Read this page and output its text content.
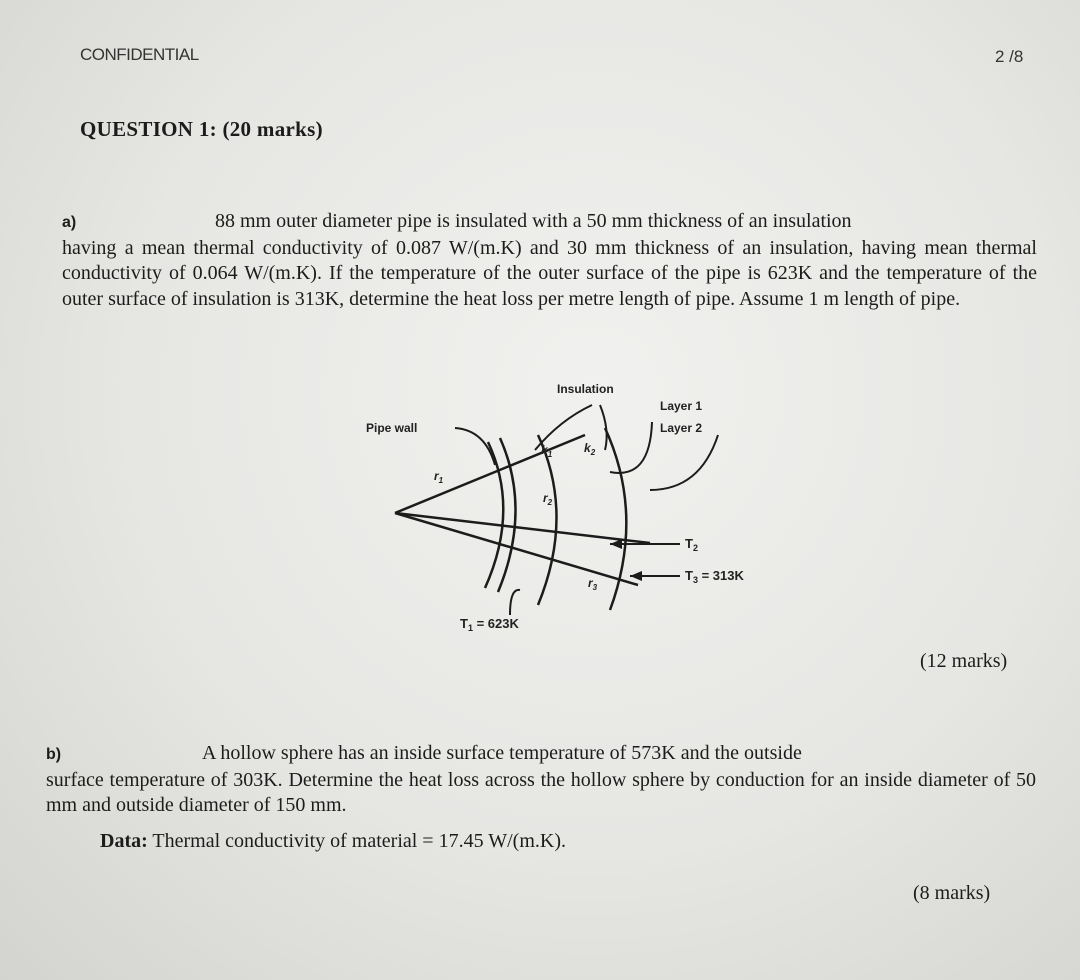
CONFIDENTIAL	2 /8
QUESTION 1: (20 marks)

a)	88 mm outer diameter pipe is insulated with a 50 mm thickness of an insulation

having a mean thermal conductivity of 0.087 W/(m.K) and 30 mm thickness of an insulation, having mean thermal conductivity of 0.064 W/(m.K). If the temperature of the outer surface of the pipe is 623K and the temperature of the outer surface of insulation is 313K, determine the heat loss per metre length of pipe. Assume 1 m length of pipe.

Insulation
Pipe wall
Layer 1
Layer 2
$r_1$
$r_2$
$r_3$
$k_1$	$k_2$
$T_2$
$T_3 = 313K$
$T_1 = 623K$
(12 marks)

b)	A hollow sphere has an inside surface temperature of 573K and the outside

surface temperature of 303K. Determine the heat loss across the hollow sphere by conduction for an inside diameter of 50 mm and outside diameter of 150 mm.

Data: Thermal conductivity of material = 17.45 W/(m.K).
(8 marks)
